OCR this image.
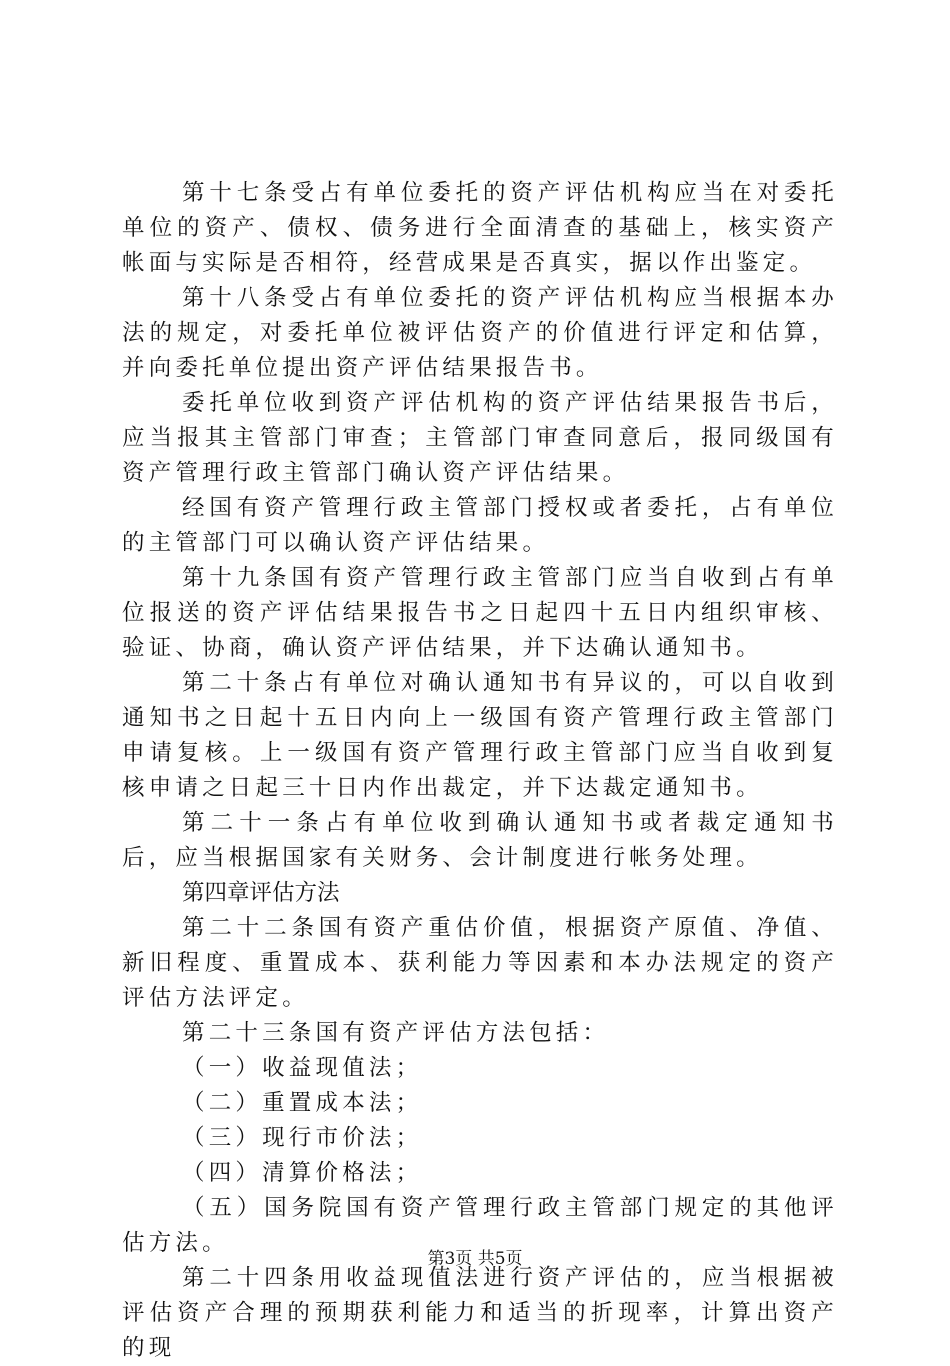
第十七条受占有单位委托的资产评估机构应当在对委托单位的资产、债权、债务进行全面清查的基础上，核实资产帐面与实际是否相符，经营成果是否真实，据以作出鉴定。

第十八条受占有单位委托的资产评估机构应当根据本办法的规定，对委托单位被评估资产的价值进行评定和估算，并向委托单位提出资产评估结果报告书。

委托单位收到资产评估机构的资产评估结果报告书后，应当报其主管部门审查；主管部门审查同意后，报同级国有资产管理行政主管部门确认资产评估结果。

经国有资产管理行政主管部门授权或者委托，占有单位的主管部门可以确认资产评估结果。

第十九条国有资产管理行政主管部门应当自收到占有单位报送的资产评估结果报告书之日起四十五日内组织审核、验证、协商，确认资产评估结果，并下达确认通知书。

第二十条占有单位对确认通知书有异议的，可以自收到通知书之日起十五日内向上一级国有资产管理行政主管部门申请复核。上一级国有资产管理行政主管部门应当自收到复核申请之日起三十日内作出裁定，并下达裁定通知书。

第二十一条占有单位收到确认通知书或者裁定通知书后，应当根据国家有关财务、会计制度进行帐务处理。

第四章评估方法

第二十二条国有资产重估价值，根据资产原值、净值、新旧程度、重置成本、获利能力等因素和本办法规定的资产评估方法评定。

第二十三条国有资产评估方法包括：

（一）收益现值法；

（二）重置成本法；

（三）现行市价法；

（四）清算价格法；

（五）国务院国有资产管理行政主管部门规定的其他评估方法。

第二十四条用收益现值法进行资产评估的，应当根据被评估资产合理的预期获利能力和适当的折现率，计算出资产的现

第3页 共5页
